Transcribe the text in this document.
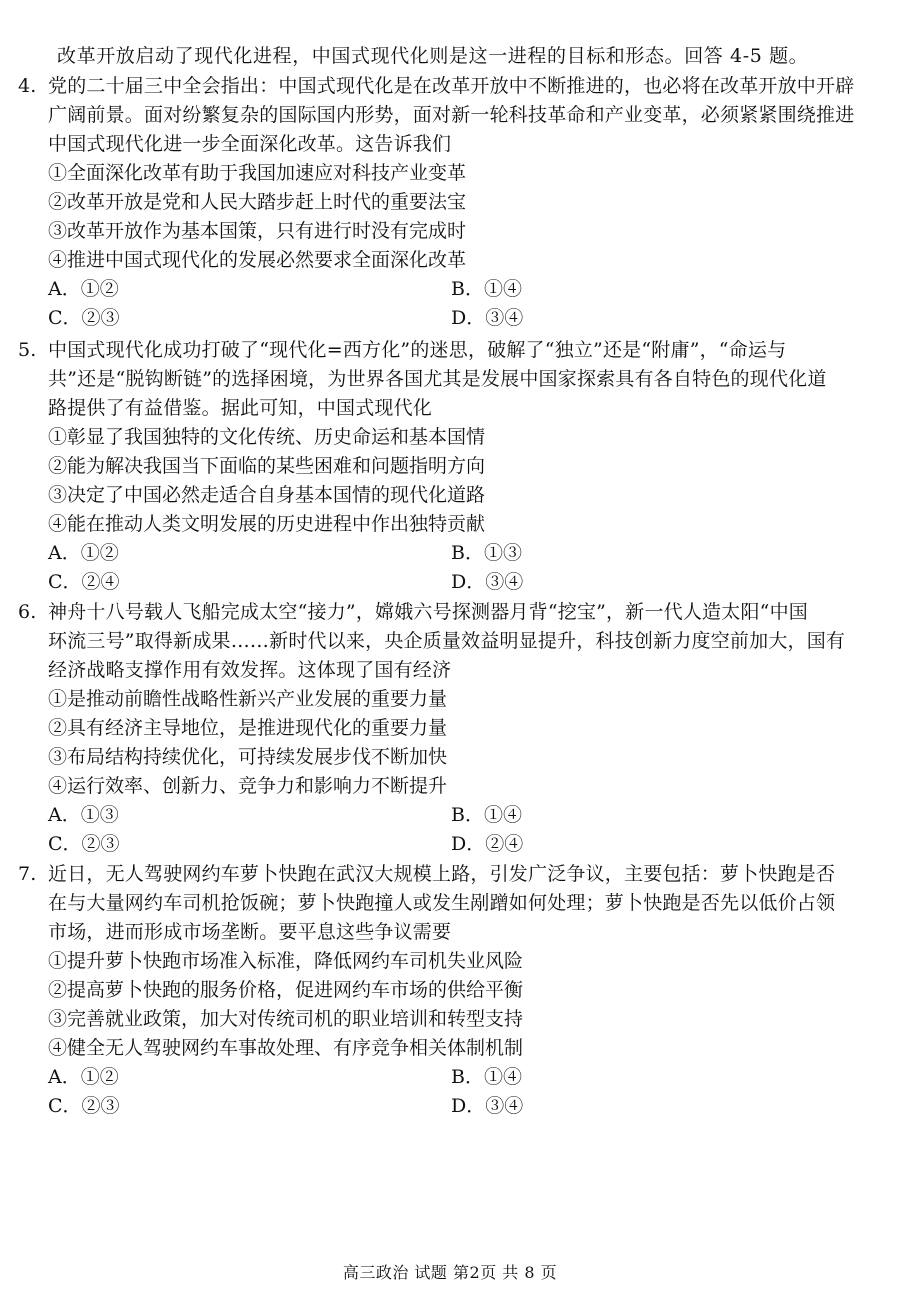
改革开放启动了现代化进程，中国式现代化则是这一进程的目标和形态。回答 4-5 题。
4. 党的二十届三中全会指出：中国式现代化是在改革开放中不断推进的，也必将在改革开放中开辟
广阔前景。面对纷繁复杂的国际国内形势，面对新一轮科技革命和产业变革，必须紧紧围绕推进
中国式现代化进一步全面深化改革。这告诉我们
①全面深化改革有助于我国加速应对科技产业变革
②改革开放是党和人民大踏步赶上时代的重要法宝
③改革开放作为基本国策，只有进行时没有完成时
④推进中国式现代化的发展必然要求全面深化改革
A．①②	B．①④
C．②③	D．③④
5. 中国式现代化成功打破了“现代化=西方化”的迷思，破解了“独立”还是“附庸”，“命运与
共”还是“脱钩断链”的选择困境，为世界各国尤其是发展中国家探索具有各自特色的现代化道
路提供了有益借鉴。据此可知，中国式现代化
①彰显了我国独特的文化传统、历史命运和基本国情
②能为解决我国当下面临的某些困难和问题指明方向
③决定了中国必然走适合自身基本国情的现代化道路
④能在推动人类文明发展的历史进程中作出独特贡献
A．①②	B．①③
C．②④	D．③④
6. 神舟十八号载人飞船完成太空“接力”，嫦娥六号探测器月背“挖宝”，新一代人造太阳“中国
环流三号”取得新成果……新时代以来，央企质量效益明显提升，科技创新力度空前加大，国有
经济战略支撑作用有效发挥。这体现了国有经济
①是推动前瞻性战略性新兴产业发展的重要力量
②具有经济主导地位，是推进现代化的重要力量
③布局结构持续优化，可持续发展步伐不断加快
④运行效率、创新力、竞争力和影响力不断提升
A．①③	B．①④
C．②③	D．②④
7. 近日，无人驾驶网约车萝卜快跑在武汉大规模上路，引发广泛争议，主要包括：萝卜快跑是否
在与大量网约车司机抢饭碗；萝卜快跑撞人或发生剐蹭如何处理；萝卜快跑是否先以低价占领
市场，进而形成市场垄断。要平息这些争议需要
①提升萝卜快跑市场准入标准，降低网约车司机失业风险
②提高萝卜快跑的服务价格，促进网约车市场的供给平衡
③完善就业政策，加大对传统司机的职业培训和转型支持
④健全无人驾驶网约车事故处理、有序竞争相关体制机制
A．①②	B．①④
C．②③	D．③④
高三政治 试题 第2页 共 8 页
